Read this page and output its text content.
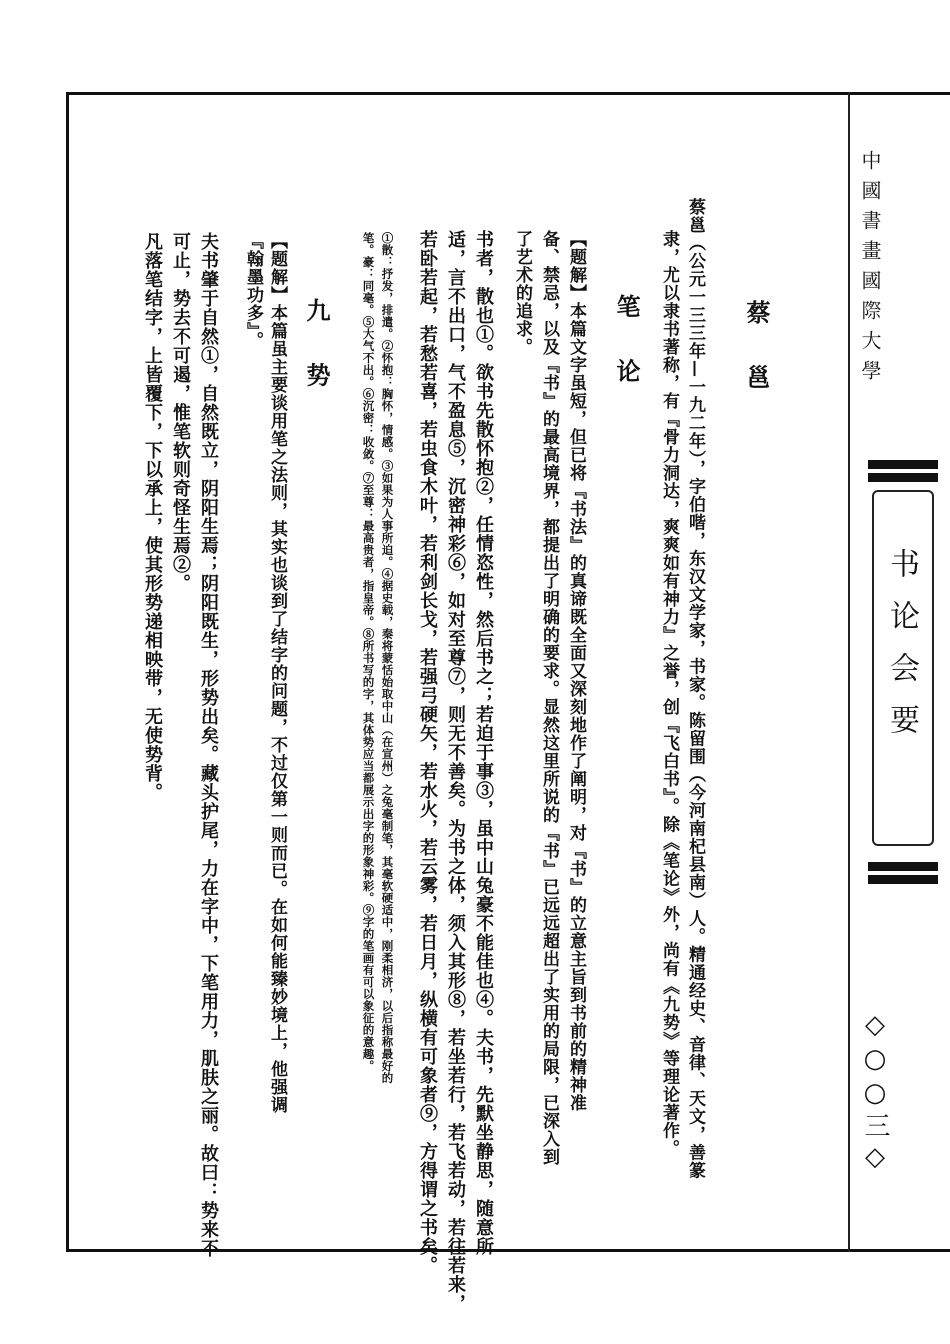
中國書畫國際大學
书论会要
◇○○三◇
蔡 邕
蔡邕（公元一三三年—一九二年），字伯喈，东汉文学家，书家。陈留围（今河南杞县南）人。精通经史、音律、天文，善篆
隶，尤以隶书著称，有『骨力洞达，爽爽如有神力』之誉，创『飞白书』。除《笔论》外，尚有《九势》等理论著作。
笔 论
【题解】本篇文字虽短，但已将『书法』的真谛既全面又深刻地作了阐明，对『书』的立意主旨到书前的精神准
备、禁忌，以及『书』的最高境界，都提出了明确的要求。显然这里所说的『书』已远远超出了实用的局限，已深入到
了艺术的追求。
书者，散也①。欲书先散怀抱②，任情恣性，然后书之；若迫于事③，虽中山兔豪不能佳也④。夫书，先默坐静思，随意所
适，言不出口，气不盈息⑤，沉密神彩⑥，如对至尊⑦，则无不善矣。为书之体，须入其形⑧，若坐若行，若飞若动，若往若来，
若卧若起，若愁若喜，若虫食木叶，若利剑长戈，若强弓硬矢，若水火，若云雾，若日月，纵横有可象者⑨，方得谓之书矣。
①散：抒发，排遣。②怀抱：胸怀，情感。③如果为人事所迫。④据史载，秦将蒙恬始取中山（在宣州）之兔毫制笔，其毫软硬适中，刚柔相济，以后指称最好的
笔。豪：同毫。⑤大气不出。⑥沉密：收敛。⑦至尊：最高贵者，指皇帝。⑧所书写的字，其体势应当都展示出字的形象神彩。⑨字的笔画有可以象征的意趣。
九 势
【题解】本篇虽主要谈用笔之法则，其实也谈到了结字的问题，不过仅第一则而已。在如何能臻妙境上，他强调
『翰墨功多』。
夫书肇于自然①，自然既立，阴阳生焉；阴阳既生，形势出矣。藏头护尾，力在字中，下笔用力，肌肤之丽。故曰：势来不
可止，势去不可遏，惟笔软则奇怪生焉②。
凡落笔结字，上皆覆下，下以承上，使其形势递相映带，无使势背。
